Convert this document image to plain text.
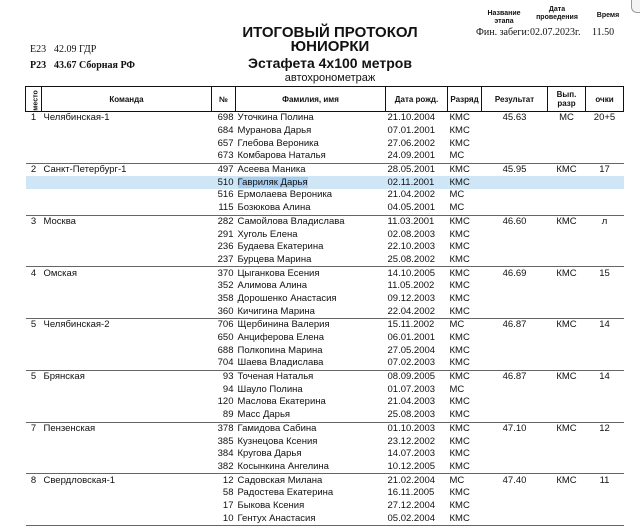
ИТОГОВЫЙ ПРОТОКОЛ
ЮНИОРКИ
Эстафета 4x100 метров
автохронометраж
Название этапа
Дата проведения	Время
Фин. забеги: 02.07.2023г. 11.50
Е23 42.09 ГДР
Р23 43.67 Сборная РФ
место	Команда	№	Фамилия, имя	Дата рожд.	Разряд	Результат	Вып. разр	очки
1	Челябинская-1	698	Уточкина Полина	21.10.2004	КМС	45.63	МС	20+5
		684	Муранова Дарья	07.01.2001	КМС			
		657	Глебова Вероника	27.06.2002	КМС			
		673	Комбарова Наталья	24.09.2001	МС			
2	Санкт-Петербург-1	497	Асеева Маника	28.05.2001	КМС	45.95	КМС	17
		510	Гавриляк Дарья	02.11.2001	КМС			
		516	Ермолаева Вероника	21.04.2002	МС			
		115	Бозюкова Алина	04.05.2001	МС			
3	Москва	282	Самойлова Владислава	11.03.2001	КМС	46.60	КМС	л
		291	Хуголь Елена	02.08.2003	КМС			
		236	Будаева Екатерина	22.10.2003	КМС			
		237	Бурцева Марина	25.08.2002	КМС			
4	Омская	370	Цыганкова Есения	14.10.2005	КМС	46.69	КМС	15
		352	Алимова Алина	11.05.2002	КМС			
		358	Дорошенко Анастасия	09.12.2003	КМС			
		360	Кичигина Марина	22.04.2002	КМС			
5	Челябинская-2	706	Щербинина Валерия	15.11.2002	МС	46.87	КМС	14
		650	Анциферова Елена	06.01.2001	КМС			
		688	Полкопина Марина	27.05.2004	КМС			
		704	Шаева Владислава	07.02.2003	КМС			
5	Брянская	93	Точеная Наталья	08.09.2005	КМС	46.87	КМС	14
		94	Шаулo Полина	01.07.2003	МС			
		120	Маслова Екатерина	21.04.2003	КМС			
		89	Масс Дарья	25.08.2003	КМС			
7	Пензенская	378	Гамидова Сабина	01.10.2003	КМС	47.10	КМС	12
		385	Кузнецова Ксения	23.12.2002	КМС			
		384	Кругова Дарья	14.07.2003	КМС			
		382	Косынкина Ангелина	10.12.2005	КМС			
8	Свердловская-1	12	Садовская Милана	21.02.2004	МС	47.40	КМС	11
		58	Радостева Екатерина	16.11.2005	КМС			
		17	Быкова Ксения	27.12.2004	КМС			
		10	Гентух Анастасия	05.02.2004	КМС			
